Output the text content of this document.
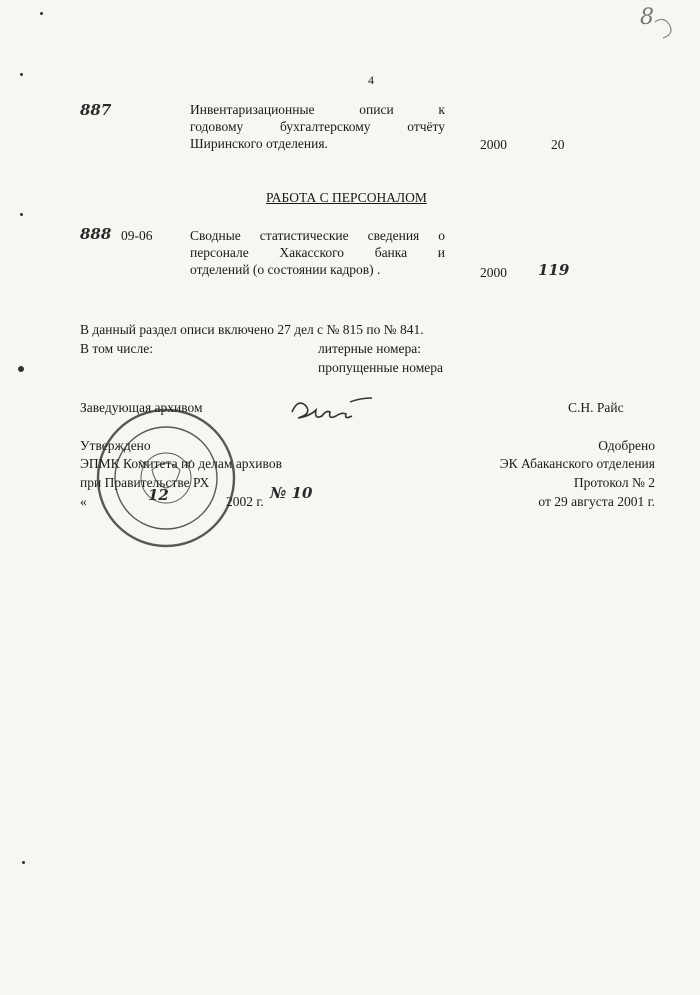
8
4
887	Инвентаризационные описи к
годовому бухгалтерскому отчёту
Ширинского отделения.	2000	20
РАБОТА С ПЕРСОНАЛОМ
888 09-06	Сводные статистические сведения о
персонале Хакасского банка и
отделений (о состоянии кадров) .	2000 119
В данный раздел описи включено 27 дел с № 815 по № 841.
В том числе:	литерные номера:
пропущенные номера
Заведующая архивом	С.Н. Райс
Утверждено
ЭПМК Комитета по делам архивов
при Правительстве РХ
«	12	2002 г. № 10
Одобрено
ЭК Абаканского отделения
Протокол № 2
от 29 августа 2001 г.
